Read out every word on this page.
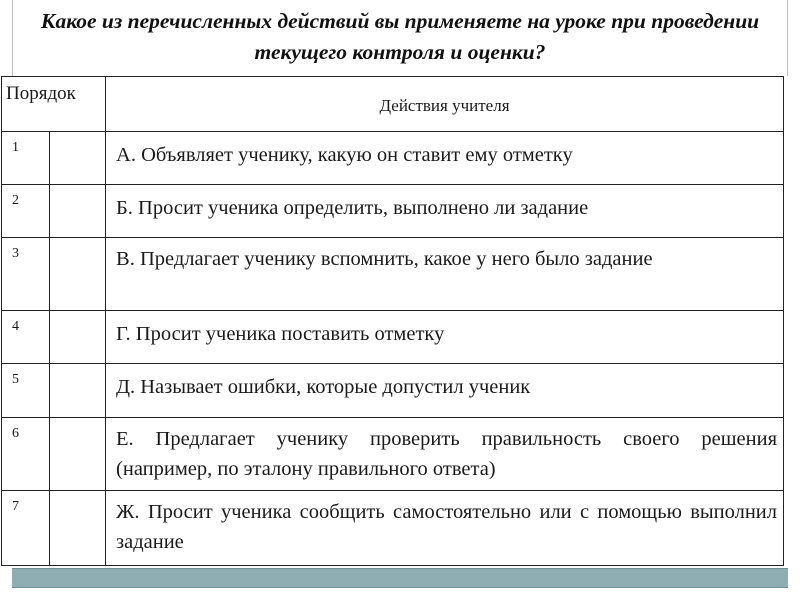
Какое из перечисленных действий вы применяете на уроке при проведении текущего контроля и оценки?
Порядок		Действия учителя
1		А. Объявляет ученику, какую он ставит ему отметку
2		Б. Просит ученика определить, выполнено ли задание
3		В. Предлагает ученику вспомнить, какое у него было задание
4		Г. Просит ученика поставить отметку
5		Д. Называет ошибки, которые допустил ученик
6		Е. Предлагает ученику проверить правильность своего решения (например, по эталону правильного ответа)
7		Ж. Просит ученика сообщить самостоятельно или с помощью выполнил задание
